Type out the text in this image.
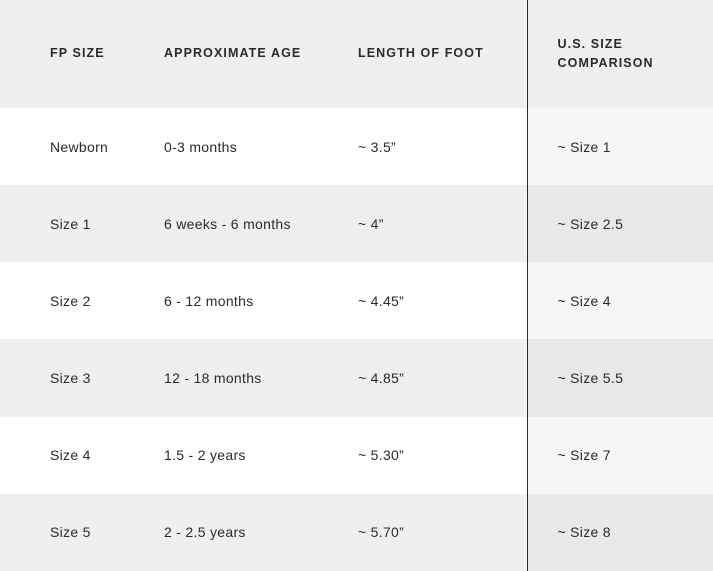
FP SIZE	APPROXIMATE AGE	LENGTH OF FOOT	U.S. SIZE COMPARISON

Newborn	0-3 months	~ 3.5”	~ Size 1

Size 1	6 weeks - 6 months	~ 4”	~ Size 2.5

Size 2	6 - 12 months	~ 4.45”	~ Size 4

Size 3	12 - 18 months	~ 4.85”	~ Size 5.5

Size 4	1.5 - 2 years	~ 5.30”	~ Size 7

Size 5	2 - 2.5 years	~ 5.70”	~ Size 8
